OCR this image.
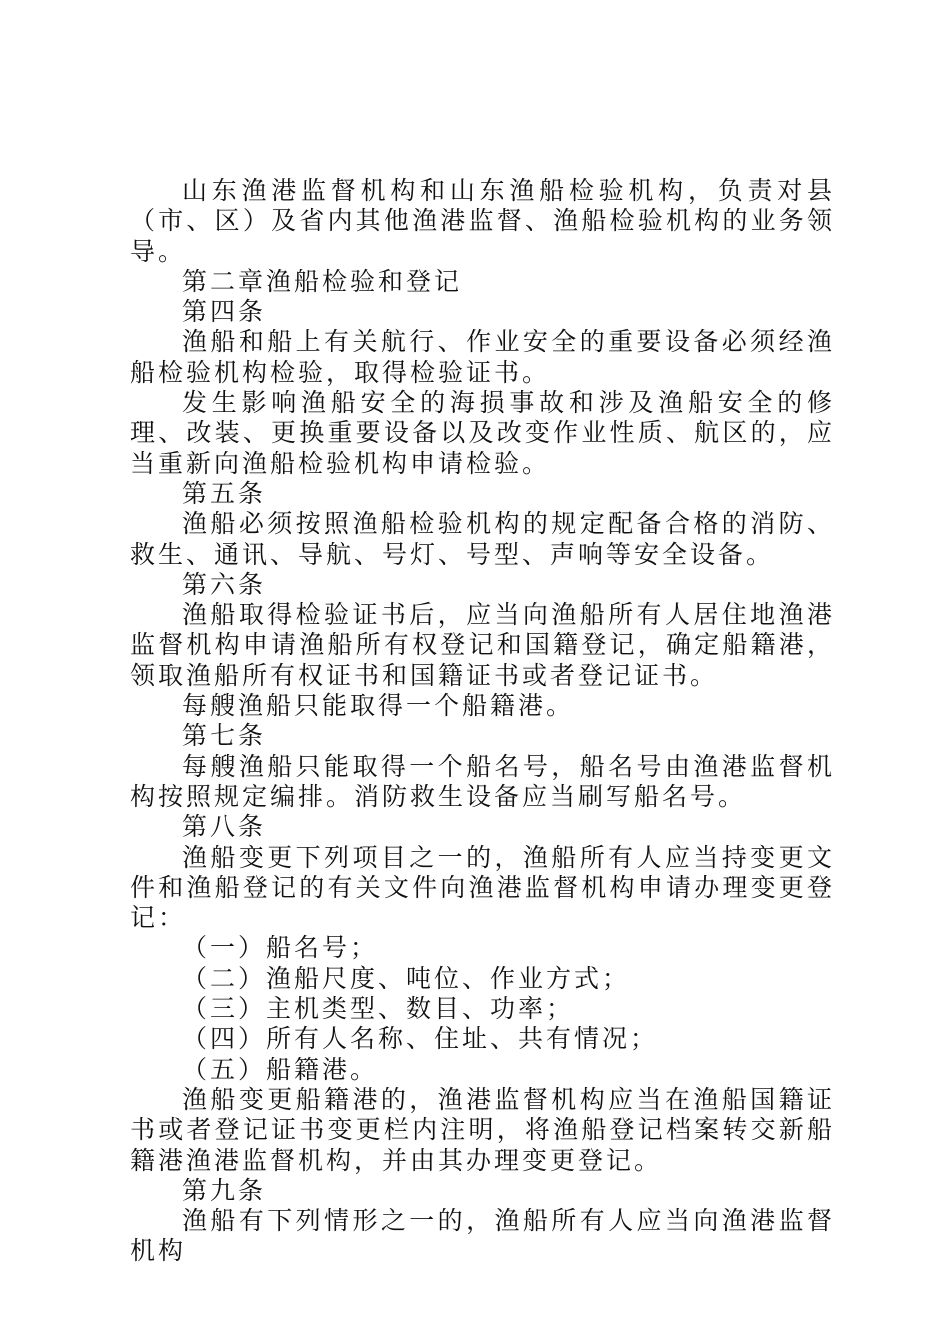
山东渔港监督机构和山东渔船检验机构，负责对县（市、区）及省内其他渔港监督、渔船检验机构的业务领导。

第二章渔船检验和登记

第四条

渔船和船上有关航行、作业安全的重要设备必须经渔船检验机构检验，取得检验证书。

发生影响渔船安全的海损事故和涉及渔船安全的修理、改装、更换重要设备以及改变作业性质、航区的，应当重新向渔船检验机构申请检验。

第五条

渔船必须按照渔船检验机构的规定配备合格的消防、救生、通讯、导航、号灯、号型、声响等安全设备。

第六条

渔船取得检验证书后，应当向渔船所有人居住地渔港监督机构申请渔船所有权登记和国籍登记，确定船籍港，领取渔船所有权证书和国籍证书或者登记证书。

每艘渔船只能取得一个船籍港。

第七条

每艘渔船只能取得一个船名号，船名号由渔港监督机构按照规定编排。消防救生设备应当刷写船名号。

第八条

渔船变更下列项目之一的，渔船所有人应当持变更文件和渔船登记的有关文件向渔港监督机构申请办理变更登记：

（一）船名号；

（二）渔船尺度、吨位、作业方式；

（三）主机类型、数目、功率；

（四）所有人名称、住址、共有情况；

（五）船籍港。

渔船变更船籍港的，渔港监督机构应当在渔船国籍证书或者登记证书变更栏内注明，将渔船登记档案转交新船籍港渔港监督机构，并由其办理变更登记。

第九条

渔船有下列情形之一的，渔船所有人应当向渔港监督机构
